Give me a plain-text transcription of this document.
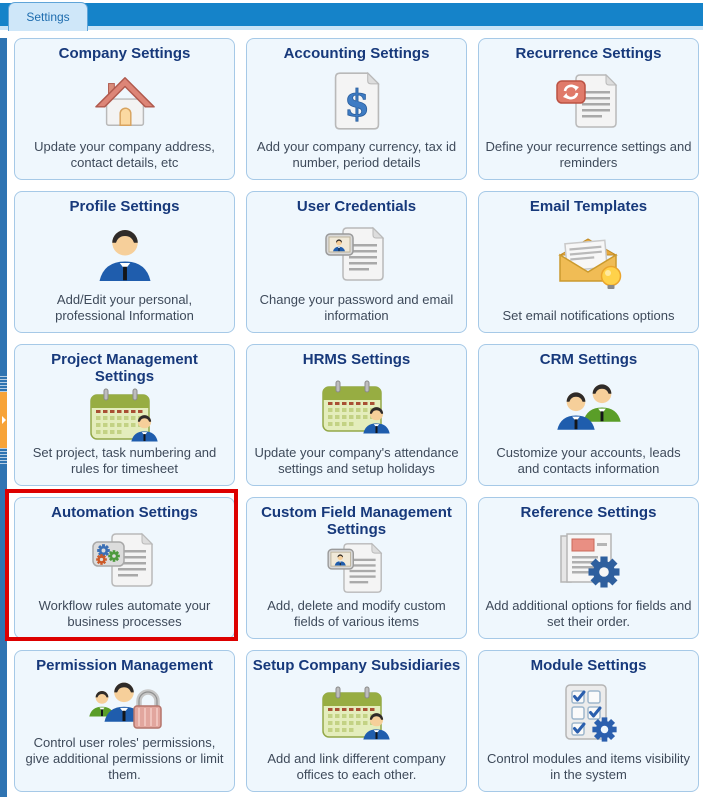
Settings
Company Settings
Update your company address, contact details, etc
Accounting Settings
$
Add your company currency, tax id number, period details
Recurrence Settings
Define your recurrence settings and reminders
Profile Settings
Add/Edit your personal, professional Information
User Credentials
Change your password and email information
Email Templates
Set email notifications options
Project Management Settings
Set project, task numbering and rules for timesheet
HRMS Settings
Update your company's attendance settings and setup holidays
CRM Settings
Customize your accounts, leads and contacts information
Automation Settings
Workflow rules automate your business processes
Custom Field Management Settings
Add, delete and modify custom fields of various items
Reference Settings
Add additional options for fields and set their order.
Permission Management
Control user roles' permissions, give additional permissions or limit them.
Setup Company Subsidiaries
Add and link different company offices to each other.
Module Settings
Control modules and items visibility in the system
